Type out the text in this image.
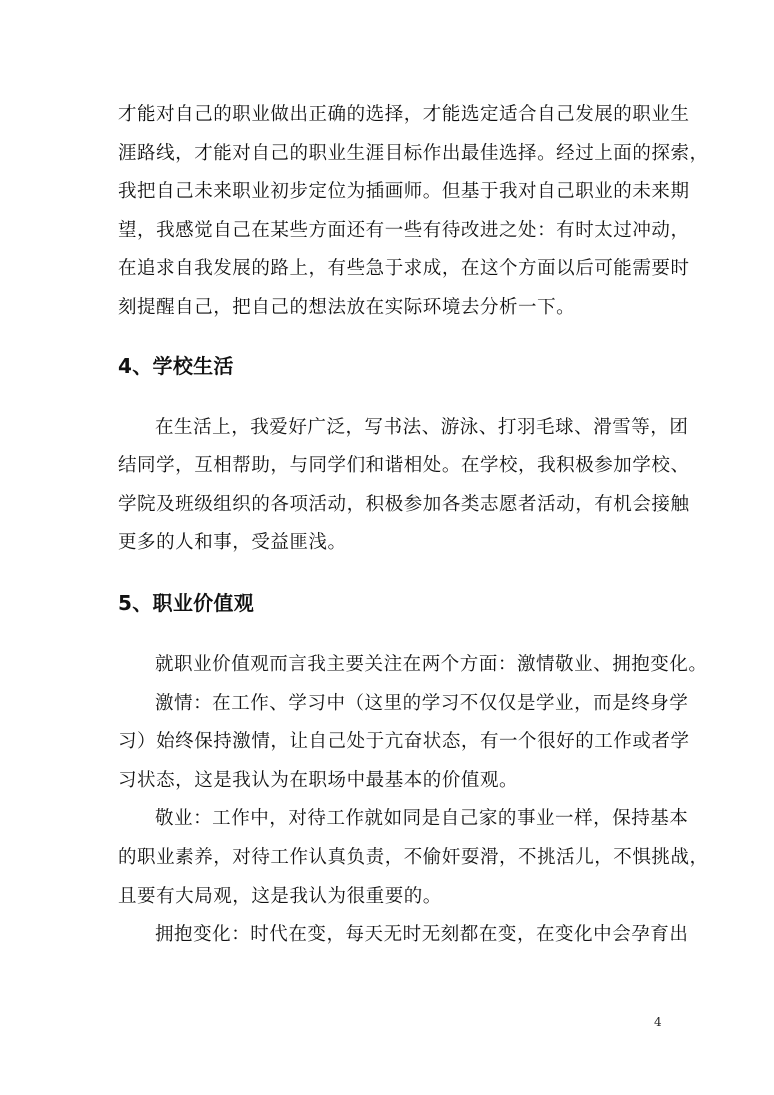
才能对自己的职业做出正确的选择，才能选定适合自己发展的职业生
涯路线，才能对自己的职业生涯目标作出最佳选择。经过上面的探索，
我把自己未来职业初步定位为插画师。但基于我对自己职业的未来期
望，我感觉自己在某些方面还有一些有待改进之处：有时太过冲动，
在追求自我发展的路上，有些急于求成，在这个方面以后可能需要时
刻提醒自己，把自己的想法放在实际环境去分析一下。

4、学校生活

在生活上，我爱好广泛，写书法、游泳、打羽毛球、滑雪等，团
结同学，互相帮助，与同学们和谐相处。在学校，我积极参加学校、
学院及班级组织的各项活动，积极参加各类志愿者活动，有机会接触
更多的人和事，受益匪浅。

5、职业价值观

就职业价值观而言我主要关注在两个方面：激情敬业、拥抱变化。

激情：在工作、学习中（这里的学习不仅仅是学业，而是终身学
习）始终保持激情，让自己处于亢奋状态，有一个很好的工作或者学
习状态，这是我认为在职场中最基本的价值观。

敬业：工作中，对待工作就如同是自己家的事业一样，保持基本
的职业素养，对待工作认真负责，不偷奸耍滑，不挑活儿，不惧挑战，
且要有大局观，这是我认为很重要的。

拥抱变化：时代在变，每天无时无刻都在变，在变化中会孕育出

4
